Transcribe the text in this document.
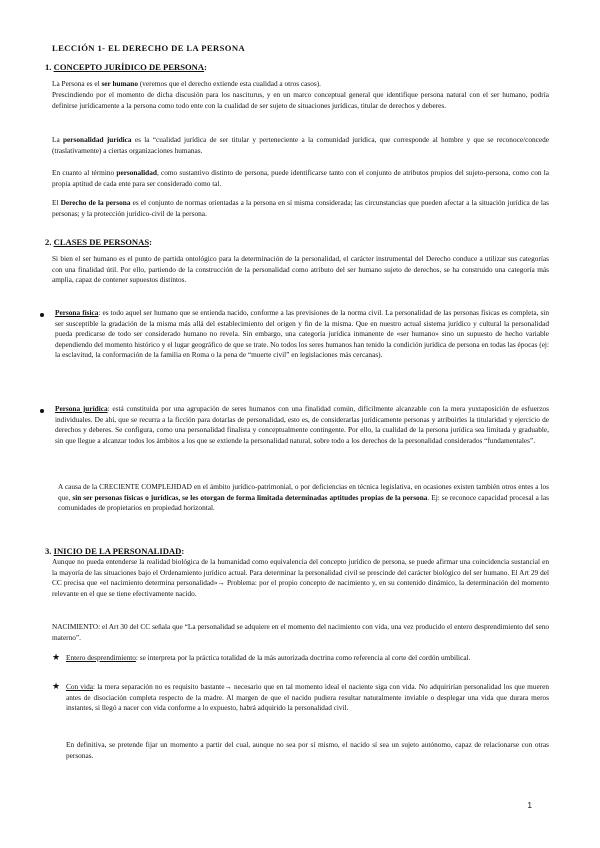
LECCIÓN 1- EL DERECHO DE LA PERSONA
1. CONCEPTO JURÍDICO DE PERSONA:

La Persona es el ser humano (veremos que el derecho extiende esta cualidad a otros casos).

Prescindiendo por el momento de dicha discusión para los nasciturus, y en un marco conceptual general que identifique persona natural con el ser humano, podría definirse jurídicamente a la persona como todo ente con la cualidad de ser sujeto de situaciones jurídicas, titular de derechos y deberes.

La personalidad jurídica es la “cualidad jurídica de ser titular y perteneciente a la comunidad jurídica, que corresponde al hombre y que se reconoce/concede (traslativamente) a ciertas organizaciones humanas.

En cuanto al término personalidad, como sustantivo distinto de persona, puede identificarse tanto con el conjunto de atributos propios del sujeto-persona, como con la propia aptitud de cada ente para ser considerado como tal.

El Derecho de la persona es el conjunto de normas orientadas a la persona en sí misma considerada; las circunstancias que pueden afectar a la situación jurídica de las personas; y la protección jurídico-civil de la persona.

2. CLASES DE PERSONAS:

Si bien el ser humano es el punto de partida ontológico para la determinación de la personalidad, el carácter instrumental del Derecho conduce a utilizar sus categorías con una finalidad útil. Por ello, partiendo de la construcción de la personalidad como atributo del ser humano sujeto de derechos, se ha construido una categoría más amplia, capaz de contener supuestos distintos.

Persona física: es todo aquel ser humano que se entienda nacido, conforme a las previsiones de la norma civil. La personalidad de las personas físicas es completa, sin ser susceptible la gradación de la misma más allá del establecimiento del origen y fin de la misma. Que en nuestro actual sistema jurídico y cultural la personalidad pueda predicarse de todo ser considerado humano no revela. Sin embargo, una categoría jurídica inmanente de «ser humano» sino un supuesto de hecho variable dependiendo del momento histórico y el lugar geográfico de que se trate. No todos los seres humanos han tenido la condición jurídica de persona en todas las épocas (ej: la esclavitud, la conformación de la familia en Roma o la pena de “muerte civil” en legislaciones más cercanas).

Persona jurídica: está constituida por una agrupación de seres humanos con una finalidad común, difícilmente alcanzable con la mera yuxtaposición de esfuerzos individuales. De ahí, que se recurra a la ficción para dotarlas de personalidad, esto es, de considerarlas jurídicamente personas y atribuirles la titularidad y ejercicio de derechos y deberes. Se configura, como una personalidad finalista y conceptualmente contingente. Por ello, la cualidad de la persona jurídica sea limitada y graduable, sin que llegue a alcanzar todos los ámbitos a los que se extiende la personalidad natural, sobre todo a los derechos de la personalidad considerados “fundamentales”.

A causa de la CRECIENTE COMPLEJIDAD en el ámbito jurídico-patrimonial, o por deficiencias en técnica legislativa, en ocasiones existen también otros entes a los que, sin ser personas físicas o jurídicas, se les otorgan de forma limitada determinadas aptitudes propias de la persona. Ej: se reconoce capacidad procesal a las comunidades de propietarios en propiedad horizontal.

3. INICIO DE LA PERSONALIDAD:

Aunque no pueda entenderse la realidad biológica de la humanidad como equivalencia del concepto jurídico de persona, se puede afirmar una coincidencia sustancial en la mayoría de las situaciones bajo el Ordenamiento jurídico actual. Para determinar la personalidad civil se prescinde del carácter biológico del ser humano. El Art 29 del CC precisa que «el nacimiento determina personalidad»→ Problema: por el propio concepto de nacimiento y, en su contenido dinámico, la determinación del momento relevante en el que se tiene efectivamente nacido.

NACIMIENTO: el Art 30 del CC señala que “La personalidad se adquiere en el momento del nacimiento con vida, una vez producido el entero desprendimiento del seno materno”.

★ Entero desprendimiento: se interpreta por la práctica totalidad de la más autorizada doctrina como referencia al corte del cordón umbilical.

★ Con vida: la mera separación no es requisito bastante→ necesario que en tal momento ideal el naciente siga con vida. No adquirirían personalidad los que mueren antes de disociación completa respecto de la madre. Al margen de que el nacido pudiera resultar naturalmente inviable o desplegar una vida que durara meros instantes, si llegó a nacer con vida conforme a lo expuesto, habrá adquirido la personalidad civil.

En definitiva, se pretende fijar un momento a partir del cual, aunque no sea por sí mismo, el nacido sí sea un sujeto autónomo, capaz de relacionarse con otras personas.

1
